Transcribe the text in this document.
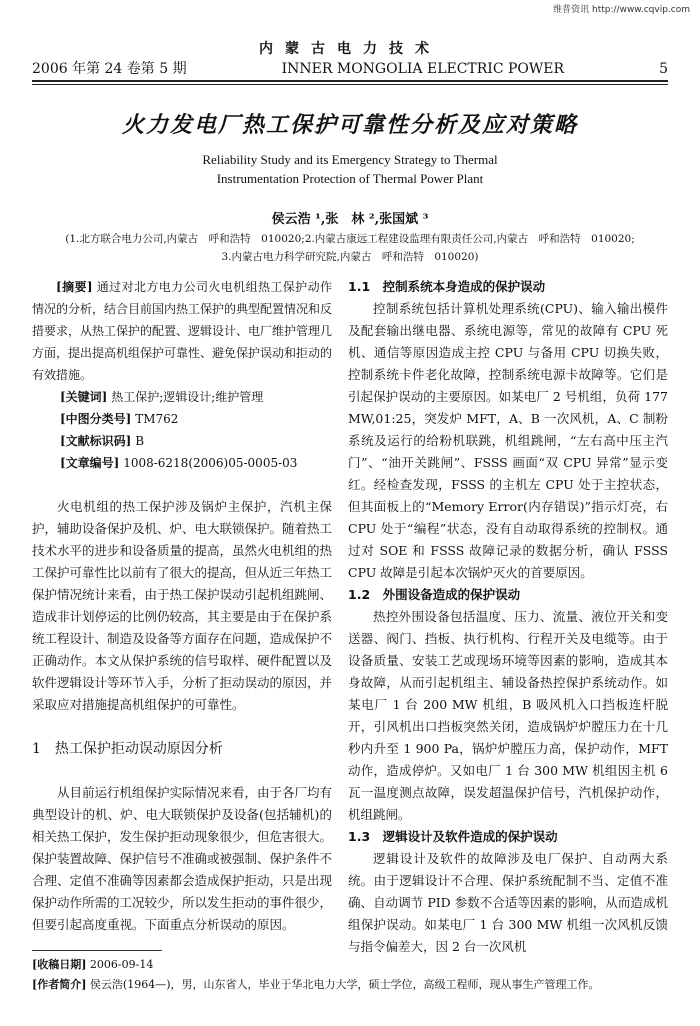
维普资讯 http://www.cqvip.com
内蒙古电力技术
2006 年第 24 卷第 5 期	INNER MONGOLIA ELECTRIC POWER	5
火力发电厂热工保护可靠性分析及应对策略
Reliability Study and its Emergency Strategy to Thermal
Instrumentation Protection of Thermal Power Plant
侯云浩 ¹,张　林 ²,张国斌 ³
(1.北方联合电力公司,内蒙古　呼和浩特　010020;2.内蒙古康远工程建设监理有限责任公司,内蒙古　呼和浩特　010020;
3.内蒙古电力科学研究院,内蒙古　呼和浩特　010020)

[摘要] 通过对北方电力公司火电机组热工保护动作情况的分析，结合目前国内热工保护的典型配置情况和反措要求，从热工保护的配置、逻辑设计、电厂维护管理几方面，提出提高机组保护可靠性、避免保护误动和拒动的有效措施。

[关键词] 热工保护;逻辑设计;维护管理

[中图分类号] TM762

[文献标识码] B

[文章编号] 1008-6218(2006)05-0005-03

火电机组的热工保护涉及锅炉主保护，汽机主保护，辅助设备保护及机、炉、电大联锁保护。随着热工技术水平的进步和设备质量的提高，虽然火电机组的热工保护可靠性比以前有了很大的提高，但从近三年热工保护情况统计来看，由于热工保护误动引起机组跳闸、造成非计划停运的比例仍较高，其主要是由于在保护系统工程设计、制造及设备等方面存在问题，造成保护不正确动作。本文从保护系统的信号取样、硬件配置以及软件逻辑设计等环节入手，分析了拒动误动的原因，并采取应对措施提高机组保护的可靠性。

1　热工保护拒动误动原因分析

从目前运行机组保护实际情况来看，由于各厂均有典型设计的机、炉、电大联锁保护及设备(包括辅机)的相关热工保护，发生保护拒动现象很少，但危害很大。保护装置故障、保护信号不准确或被强制、保护条件不合理、定值不准确等因素都会造成保护拒动，只是出现保护动作所需的工况较少，所以发生拒动的事件很少，但要引起高度重视。下面重点分析误动的原因。

1.1　控制系统本身造成的保护误动

控制系统包括计算机处理系统(CPU)、输入输出模件及配套输出继电器、系统电源等，常见的故障有 CPU 死机、通信等原因造成主控 CPU 与备用 CPU 切换失败，控制系统卡件老化故障，控制系统电源卡故障等。它们是引起保护误动的主要原因。如某电厂 2 号机组，负荷 177 MW,01:25，突发炉 MFT，A、B 一次风机，A、C 制粉系统及运行的给粉机联跳，机组跳闸，“左右高中压主汽门”、“油开关跳闸”、FSSS 画面“双 CPU 异常”显示变红。经检查发现，FSSS 的主机左 CPU 处于主控状态，但其面板上的“Memory Error(内存错误)”指示灯亮，右 CPU 处于“编程”状态，没有自动取得系统的控制权。通过对 SOE 和 FSSS 故障记录的数据分析，确认 FSSS CPU 故障是引起本次锅炉灭火的首要原因。

1.2　外围设备造成的保护误动

热控外围设备包括温度、压力、流量、液位开关和变送器、阀门、挡板、执行机构、行程开关及电缆等。由于设备质量、安装工艺或现场环境等因素的影响，造成其本身故障，从而引起机组主、辅设备热控保护系统动作。如某电厂 1 台 200 MW 机组，B 吸风机入口挡板连杆脱开，引风机出口挡板突然关闭，造成锅炉炉膛压力在十几秒内升至 1 900 Pa，锅炉炉膛压力高，保护动作，MFT 动作，造成停炉。又如电厂 1 台 300 MW 机组因主机 6 瓦一温度测点故障，误发超温保护信号，汽机保护动作，机组跳闸。

1.3　逻辑设计及软件造成的保护误动

逻辑设计及软件的故障涉及电厂保护、自动两大系统。由于逻辑设计不合理、保护系统配制不当、定值不准确、自动调节 PID 参数不合适等因素的影响，从而造成机组保护误动。如某电厂 1 台 300 MW 机组一次风机反馈与指令偏差大，因 2 台一次风机

[收稿日期] 2006-09-14
[作者简介] 侯云浩(1964—)，男，山东省人，毕业于华北电力大学，硕士学位，高级工程师，现从事生产管理工作。
